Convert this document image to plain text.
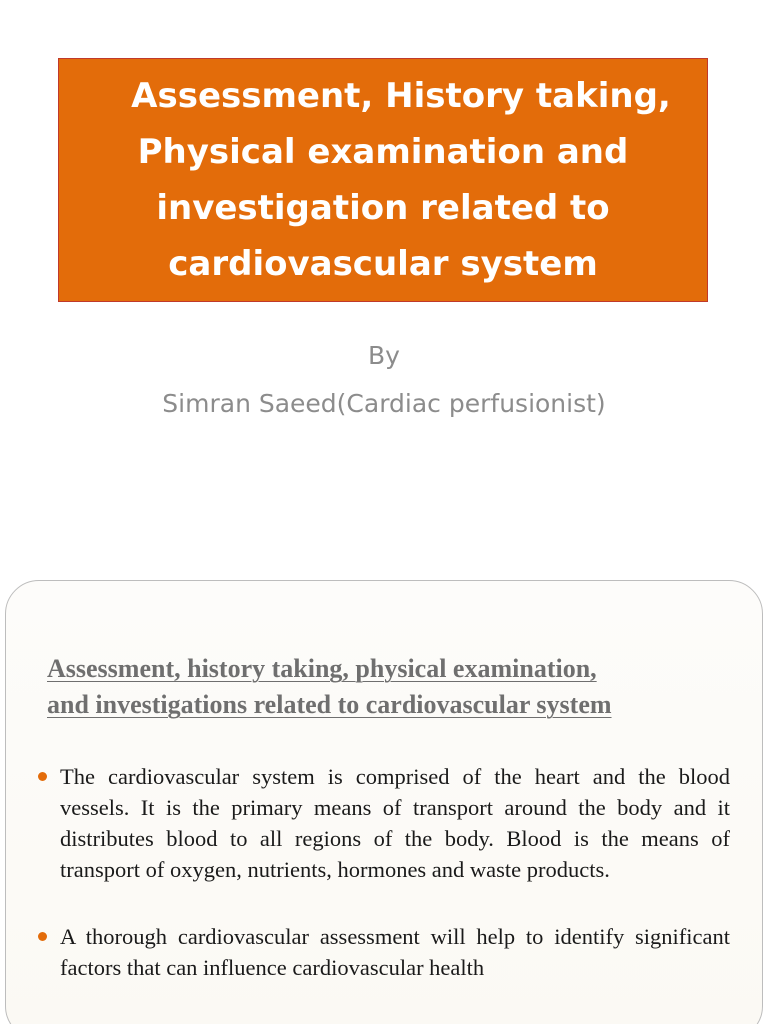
Assessment, History taking,
Physical examination and
investigation related to
cardiovascular system
By
Simran Saeed(Cardiac perfusionist)
Assessment, history taking, physical examination,
and investigations related to cardiovascular system
The cardiovascular system is comprised of the heart and the blood vessels. It is the primary means of transport around the body and it distributes blood to all regions of the body. Blood is the means of transport of oxygen, nutrients, hormones and waste products.
A thorough cardiovascular assessment will help to identify significant factors that can influence cardiovascular health
